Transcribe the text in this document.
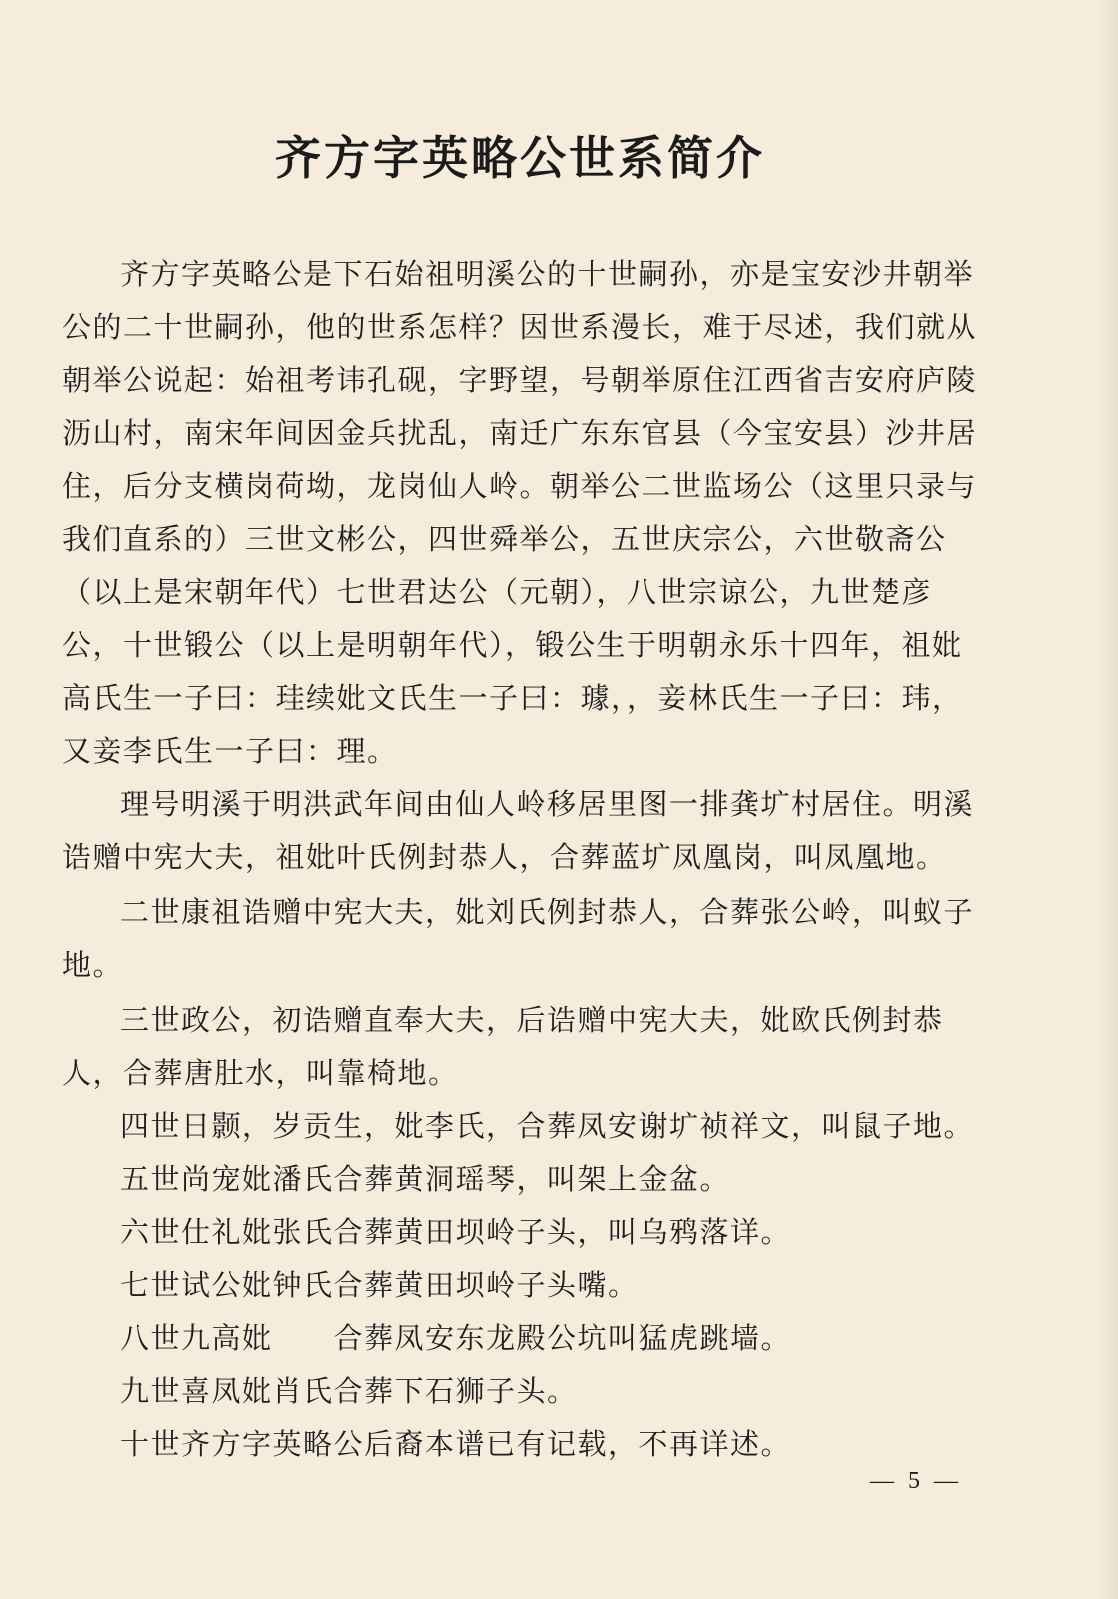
齐方字英略公世系简介

齐方字英略公是下石始祖明溪公的十世嗣孙，亦是宝安沙井朝举公的二十世嗣孙，他的世系怎样？因世系漫长，难于尽述，我们就从朝举公说起：始祖考讳孔砚，字野望，号朝举原住江西省吉安府庐陵沥山村，南宋年间因金兵扰乱，南迁广东东官县（今宝安县）沙井居住，后分支横岗荷坳，龙岗仙人岭。朝举公二世监场公（这里只录与我们直系的）三世文彬公，四世舜举公，五世庆宗公，六世敬斋公（以上是宋朝年代）七世君达公（元朝），八世宗谅公，九世楚彦公，十世锻公（以上是明朝年代），锻公生于明朝永乐十四年，祖妣高氏生一子曰：珪续妣文氏生一子曰：璩，，妾林氏生一子曰：玮，又妾李氏生一子曰：理。

理号明溪于明洪武年间由仙人岭移居里图一排龚圹村居住。明溪诰赠中宪大夫，祖妣叶氏例封恭人，合葬蓝圹凤凰岗，叫凤凰地。

二世康祖诰赠中宪大夫，妣刘氏例封恭人，合葬张公岭，叫蚁子地。

三世政公，初诰赠直奉大夫，后诰赠中宪大夫，妣欧氏例封恭人，合葬唐肚水，叫靠椅地。

四世日颢，岁贡生，妣李氏，合葬凤安谢圹祯祥文，叫鼠子地。

五世尚宠妣潘氏合葬黄洞瑶琴，叫架上金盆。

六世仕礼妣张氏合葬黄田坝岭子头，叫乌鸦落详。

七世试公妣钟氏合葬黄田坝岭子头嘴。

八世九高妣　　合葬凤安东龙殿公坑叫猛虎跳墙。

九世喜凤妣肖氏合葬下石狮子头。

十世齐方字英略公后裔本谱已有记载，不再详述。

— 5 —
